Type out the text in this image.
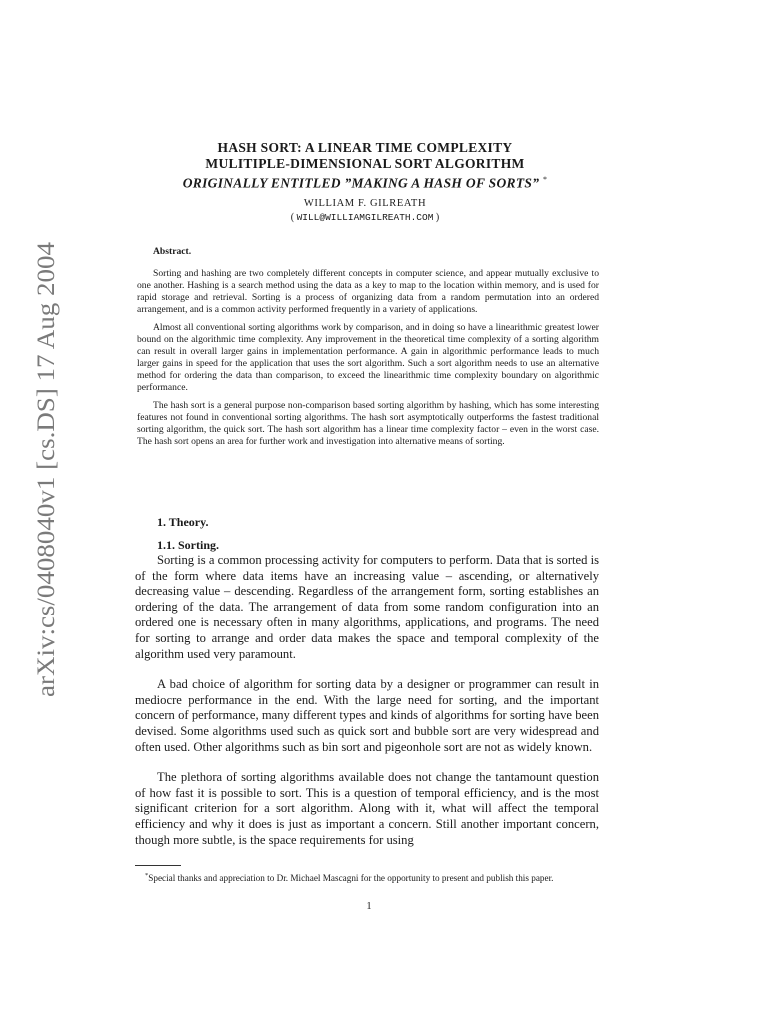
arXiv:cs/0408040v1 [cs.DS] 17 Aug 2004
HASH SORT: A LINEAR TIME COMPLEXITY
MULITIPLE-DIMENSIONAL SORT ALGORITHM
ORIGINALLY ENTITLED ”MAKING A HASH OF SORTS” *
WILLIAM F. GILREATH
( WILL@WILLIAMGILREATH.COM )
Abstract.

Sorting and hashing are two completely different concepts in computer science, and appear mutually exclusive to one another. Hashing is a search method using the data as a key to map to the location within memory, and is used for rapid storage and retrieval. Sorting is a process of organizing data from a random permutation into an ordered arrangement, and is a common activity performed frequently in a variety of applications.

Almost all conventional sorting algorithms work by comparison, and in doing so have a linearithmic greatest lower bound on the algorithmic time complexity. Any improvement in the theoretical time complexity of a sorting algorithm can result in overall larger gains in implementation performance. A gain in algorithmic performance leads to much larger gains in speed for the application that uses the sort algorithm. Such a sort algorithm needs to use an alternative method for ordering the data than comparison, to exceed the linearithmic time complexity boundary on algorithmic performance.

The hash sort is a general purpose non-comparison based sorting algorithm by hashing, which has some interesting features not found in conventional sorting algorithms. The hash sort asymptotically outperforms the fastest traditional sorting algorithm, the quick sort. The hash sort algorithm has a linear time complexity factor – even in the worst case. The hash sort opens an area for further work and investigation into alternative means of sorting.

1. Theory.
1.1. Sorting.

Sorting is a common processing activity for computers to perform. Data that is sorted is of the form where data items have an increasing value – ascending, or alternatively decreasing value – descending. Regardless of the arrangement form, sorting establishes an ordering of the data. The arrangement of data from some random configuration into an ordered one is necessary often in many algorithms, applications, and programs. The need for sorting to arrange and order data makes the space and temporal complexity of the algorithm used very paramount.

A bad choice of algorithm for sorting data by a designer or programmer can result in mediocre performance in the end. With the large need for sorting, and the important concern of performance, many different types and kinds of algorithms for sorting have been devised. Some algorithms used such as quick sort and bubble sort are very widespread and often used. Other algorithms such as bin sort and pigeonhole sort are not as widely known.

The plethora of sorting algorithms available does not change the tantamount question of how fast it is possible to sort. This is a question of temporal efficiency, and is the most significant criterion for a sort algorithm. Along with it, what will affect the temporal efficiency and why it does is just as important a concern. Still another important concern, though more subtle, is the space requirements for using

*Special thanks and appreciation to Dr. Michael Mascagni for the opportunity to present and publish this paper.
1
